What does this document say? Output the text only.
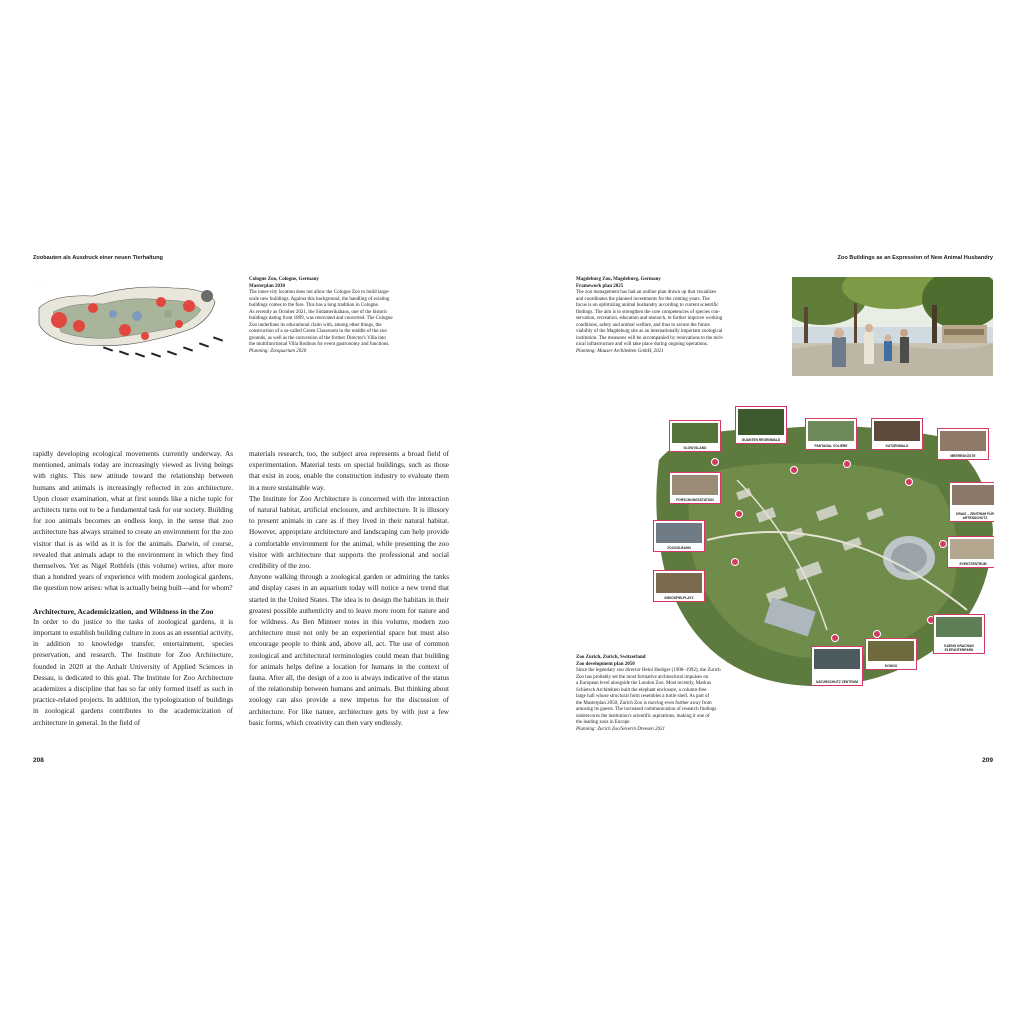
Zoobauten als Ausdruck einer neuen Tierhaltung	Zoo Buildings as an Expression of New Animal Husbandry
. . . .

Cologne Zoo, Cologne, Germany

Masterplan 2030

The inner-city location does not allow the Cologne Zoo to build large-

scale new buildings. Against this background, the handling of existing

buildings comes to the fore. This has a long tradition in Cologne.

As recently as October 2021, the Südamerikahaus, one of the historic

buildings dating from 1899, was renovated and converted. The Cologne

Zoo underlines its educational claim with, among other things, the

construction of a so-called Green Classroom in the middle of the zoo

grounds, as well as the conversion of the former Director's Villa into

the multifunctional Villa Bodinus for event gastronomy and functions.

Planning: Zooquarium 2020

Magdeburg Zoo, Magdeburg, Germany

Framework plan 2025

The zoo management has had an outline plan drawn up that visualizes

and coordinates the planned investments for the coming years. The

focus is on optimizing animal husbandry according to current scientific

findings. The aim is to strengthen the core competencies of species con-

servation, recreation, education and research, to further improve working

conditions, safety and animal welfare, and thus to secure the future

viability of the Magdeburg site as an internationally important zoological

institution. The measures will be accompanied by renovations to the tech-

nical infrastructure and will take place during ongoing operations.

Planning: Mauser Architekten GmbH, 2021

SLOW ISLAND
GUANTEN REGENWALD
PANTANAL VOLIERE	KATZENWALD
MEERESKÜSTE
FORSCHUNGSSTATION
DRAIS – ZENTRUM FÜR ARTENSCHUTZ
ZOOSOLBAHN
EVENTZENTRUM
INDIOSPIELPLATZ
KAENG KRACHAN ELEFANTENPARK
NATURSCHUTZ ZENTRUM
KONGO

Zoo Zurich, Zurich, Switzerland

Zoo development plan 2050

Since the legendary zoo director Heini Hediger (1908–1992), the Zurich

Zoo has probably set the most formative architectural impulses on

a European level alongside the London Zoo. Most recently, Markus

Schietsch Architekten built the elephant enclosure, a column-free

large hall whose structural form resembles a turtle shell. As part of

the Masterplan 2050, Zurich Zoo is moving even further away from

amusing its guests. The increased communication of research findings

underscores the institution's scientific aspirations, making it one of

the leading zoos in Europe.

Planning: Zurich Zoo/Séverin Dreesen 2021

rapidly developing ecological movements currently underway. As mentioned, animals today are increasingly viewed as living beings with rights. This new attitude toward the relationship between humans and animals is increasingly reflected in zoo architecture. Upon closer examination, what at first sounds like a niche topic for architects turns out to be a fundamental task for our society. Building for zoo animals becomes an endless loop, in the sense that zoo architecture has always strained to create an environment for the zoo visitor that is as wild as it is for the animals. Darwin, of course, revealed that animals adapt to the environment in which they find themselves. Yet as Nigel Rothfels (this volume) writes, after more than a hundred years of experience with modern zoological gardens, the question now arises: what is actually being built—and for whom?

Architecture, Academicization, and Wildness in the Zoo

In order to do justice to the tasks of zoological gardens, it is important to establish building culture in zoos as an essential activity, in addition to knowledge transfer, entertainment, species preservation, and research. The Institute for Zoo Architecture, founded in 2020 at the Anhalt University of Applied Sciences in Dessau, is dedicated to this goal. The Institute for Zoo Architecture academizes a discipline that has so far only formed itself as such in practice-related projects. In addition, the typologization of buildings in zoological gardens contributes to the academicization of architecture in general. In the field of

materials research, too, the subject area represents a broad field of experimentation. Material tests on special buildings, such as those that exist in zoos, enable the construction industry to evaluate them in a more sustainable way.

The Institute for Zoo Architecture is concerned with the interaction of natural habitat, artificial enclosure, and architecture. It is illusory to present animals in care as if they lived in their natural habitat. However, appropriate architecture and landscaping can help provide a comfortable environment for the animal, while presenting the zoo visitor with architecture that supports the professional and social credibility of the zoo.

Anyone walking through a zoological garden or admiring the tanks and display cases in an aquarium today will notice a new trend that started in the United States. The idea is to design the habitats in their greatest possible authenticity and to leave more room for nature and for wildness. As Ben Minteer notes in this volume, modern zoo architecture must not only be an experiential space but must also encourage people to think and, above all, act. The use of common zoological and architectural terminologies could mean that building for animals helps define a location for humans in the context of fauna. After all, the design of a zoo is always indicative of the status of the relationship between humans and animals. But thinking about zoology can also provide a new impetus for the discussion of architecture. For like nature, architecture gets by with just a few basic forms, which creativity can then vary endlessly.

208	209
